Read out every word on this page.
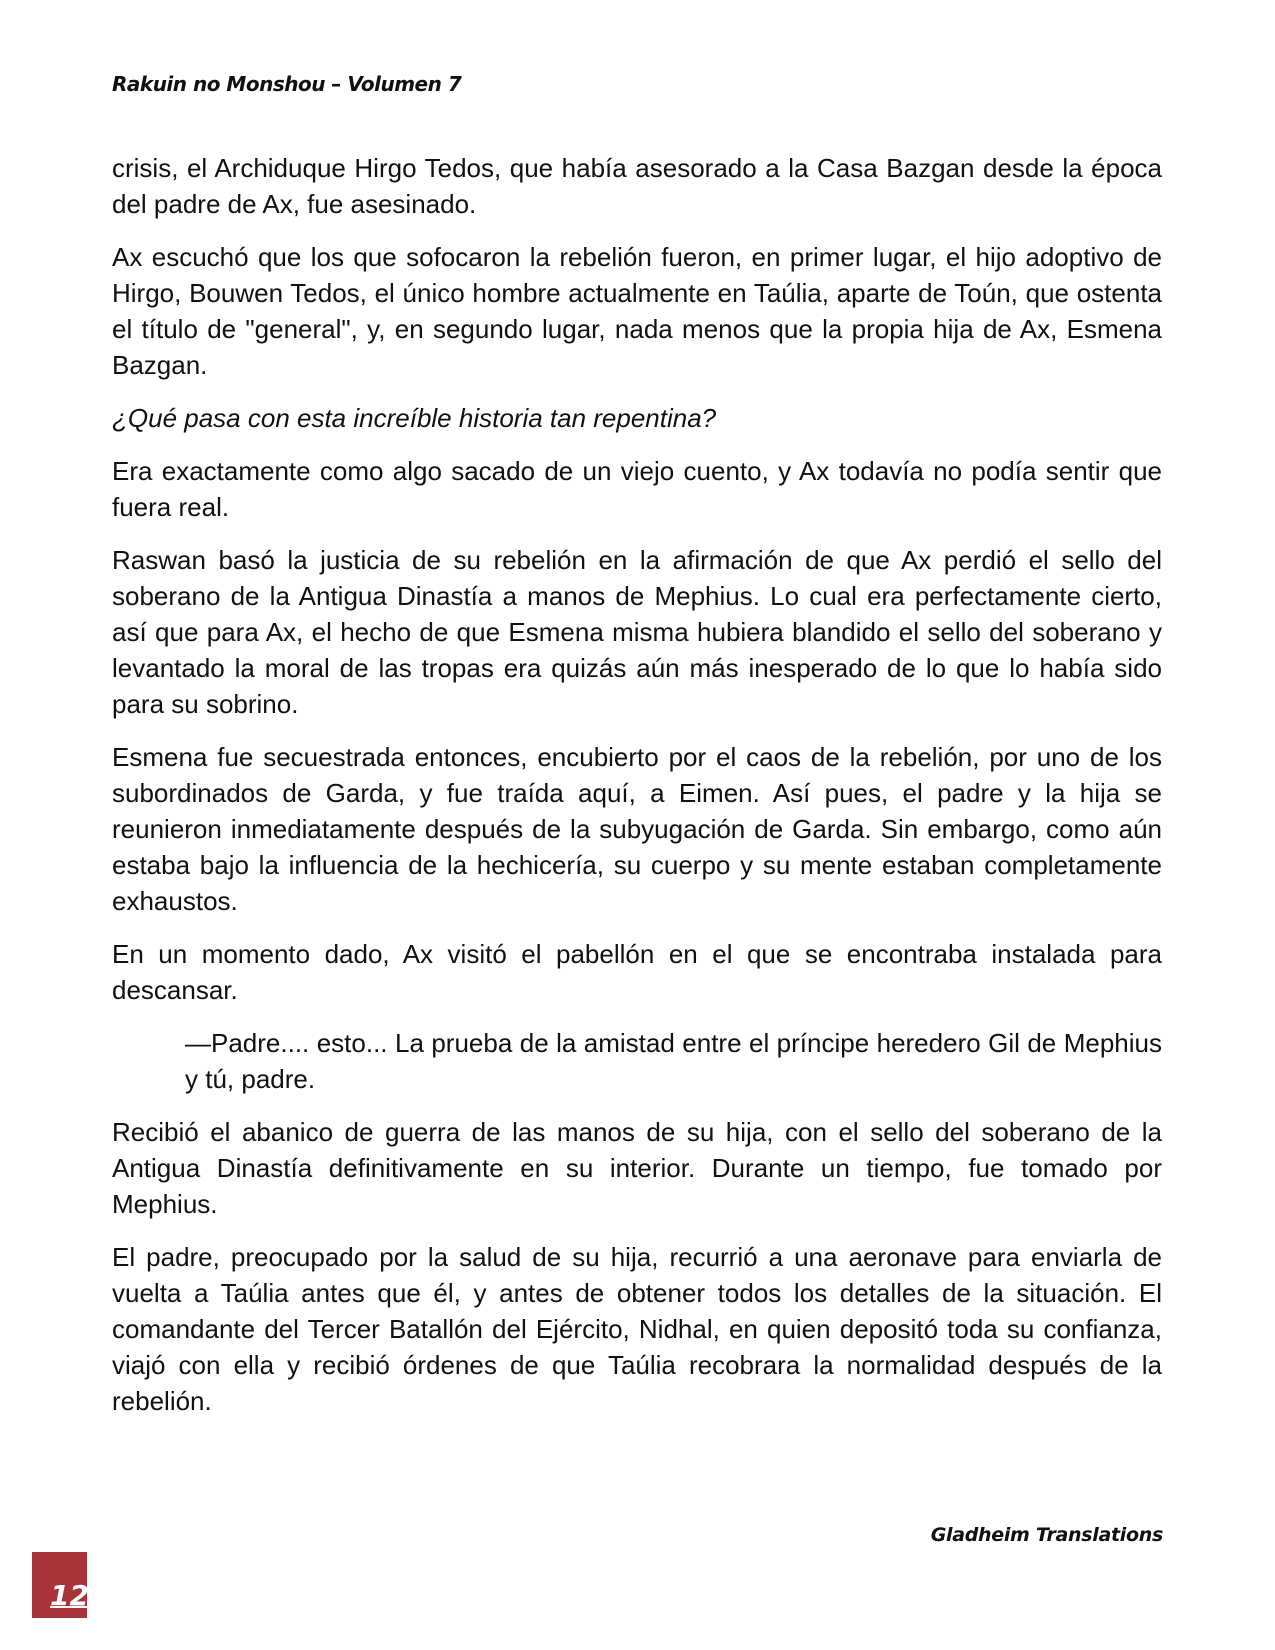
Rakuin no Monshou – Volumen 7

crisis, el Archiduque Hirgo Tedos, que había asesorado a la Casa Bazgan desde la época del padre de Ax, fue asesinado.

Ax escuchó que los que sofocaron la rebelión fueron, en primer lugar, el hijo adoptivo de Hirgo, Bouwen Tedos, el único hombre actualmente en Taúlia, aparte de Toún, que ostenta el título de "general", y, en segundo lugar, nada menos que la propia hija de Ax, Esmena Bazgan.

¿Qué pasa con esta increíble historia tan repentina?

Era exactamente como algo sacado de un viejo cuento, y Ax todavía no podía sentir que fuera real.

Raswan basó la justicia de su rebelión en la afirmación de que Ax perdió el sello del soberano de la Antigua Dinastía a manos de Mephius. Lo cual era perfectamente cierto, así que para Ax, el hecho de que Esmena misma hubiera blandido el sello del soberano y levantado la moral de las tropas era quizás aún más inesperado de lo que lo había sido para su sobrino.

Esmena fue secuestrada entonces, encubierto por el caos de la rebelión, por uno de los subordinados de Garda, y fue traída aquí, a Eimen. Así pues, el padre y la hija se reunieron inmediatamente después de la subyugación de Garda. Sin embargo, como aún estaba bajo la influencia de la hechicería, su cuerpo y su mente estaban completamente exhaustos.

En un momento dado, Ax visitó el pabellón en el que se encontraba instalada para descansar.

—Padre.... esto... La prueba de la amistad entre el príncipe heredero Gil de Mephius y tú, padre.

Recibió el abanico de guerra de las manos de su hija, con el sello del soberano de la Antigua Dinastía definitivamente en su interior. Durante un tiempo, fue tomado por Mephius.

El padre, preocupado por la salud de su hija, recurrió a una aeronave para enviarla de vuelta a Taúlia antes que él, y antes de obtener todos los detalles de la situación. El comandante del Tercer Batallón del Ejército, Nidhal, en quien depositó toda su confianza, viajó con ella y recibió órdenes de que Taúlia recobrara la normalidad después de la rebelión.

Gladheim Translations
12
